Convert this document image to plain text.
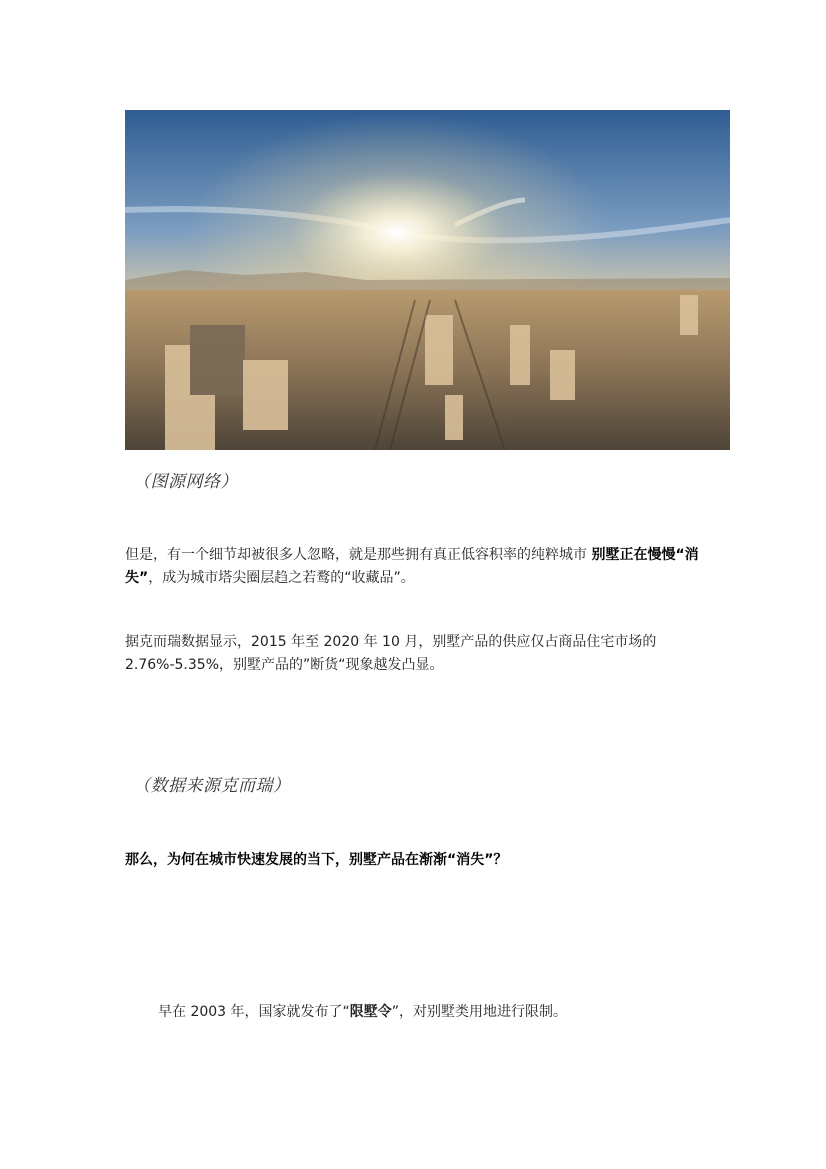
（图源网络）
但是，有一个细节却被很多人忽略，就是那些拥有真正低容积率的纯粹城市 别墅正在慢慢“消失”，成为城市塔尖圈层趋之若鹜的“收藏品”。
据克而瑞数据显示，2015 年至 2020 年 10 月，别墅产品的供应仅占商品住宅市场的 2.76%-5.35%，别墅产品的”断货“现象越发凸显。
（数据来源克而瑞）
那么，为何在城市快速发展的当下，别墅产品在渐渐“消失”？
早在 2003 年，国家就发布了“限墅令”，对别墅类用地进行限制。
